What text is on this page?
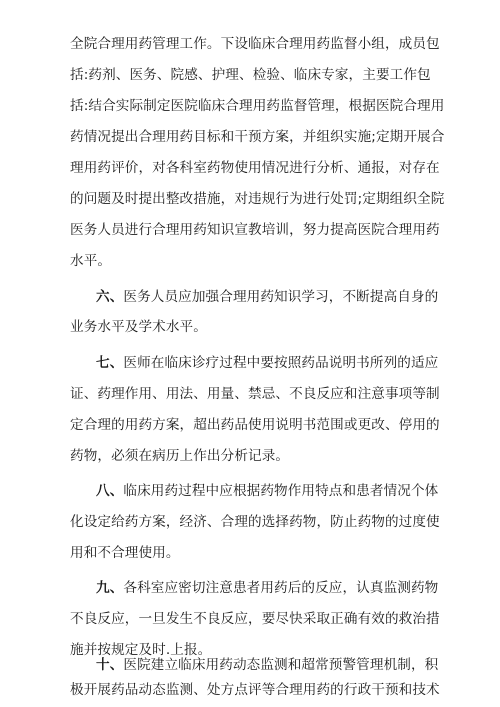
全院合理用药管理工作。下设临床合理用药监督小组，成员包
括:药剂、医务、院感、护理、检验、临床专家，主要工作包
括:结合实际制定医院临床合理用药监督管理，根据医院合理用
药情况提出合理用药目标和干预方案，并组织实施;定期开展合
理用药评价，对各科室药物使用情况进行分析、通报，对存在
的问题及时提出整改措施，对违规行为进行处罚;定期组织全院
医务人员进行合理用药知识宣教培训，努力提高医院合理用药
水平。
六、医务人员应加强合理用药知识学习，不断提高自身的
业务水平及学术水平。
七、医师在临床诊疗过程中要按照药品说明书所列的适应
证、药理作用、用法、用量、禁忌、不良反应和注意事项等制
定合理的用药方案，超出药品使用说明书范围或更改、停用的
药物，必须在病历上作出分析记录。
八、临床用药过程中应根据药物作用特点和患者情况个体
化设定给药方案，经济、合理的选择药物，防止药物的过度使
用和不合理使用。
九、各科室应密切注意患者用药后的反应，认真监测药物
不良反应，一旦发生不良反应，要尽快采取正确有效的救治措
施并按规定及时.上报。
十、医院建立临床用药动态监测和超常预警管理机制，积
极开展药品动态监测、处方点评等合理用药的行政干预和技术
